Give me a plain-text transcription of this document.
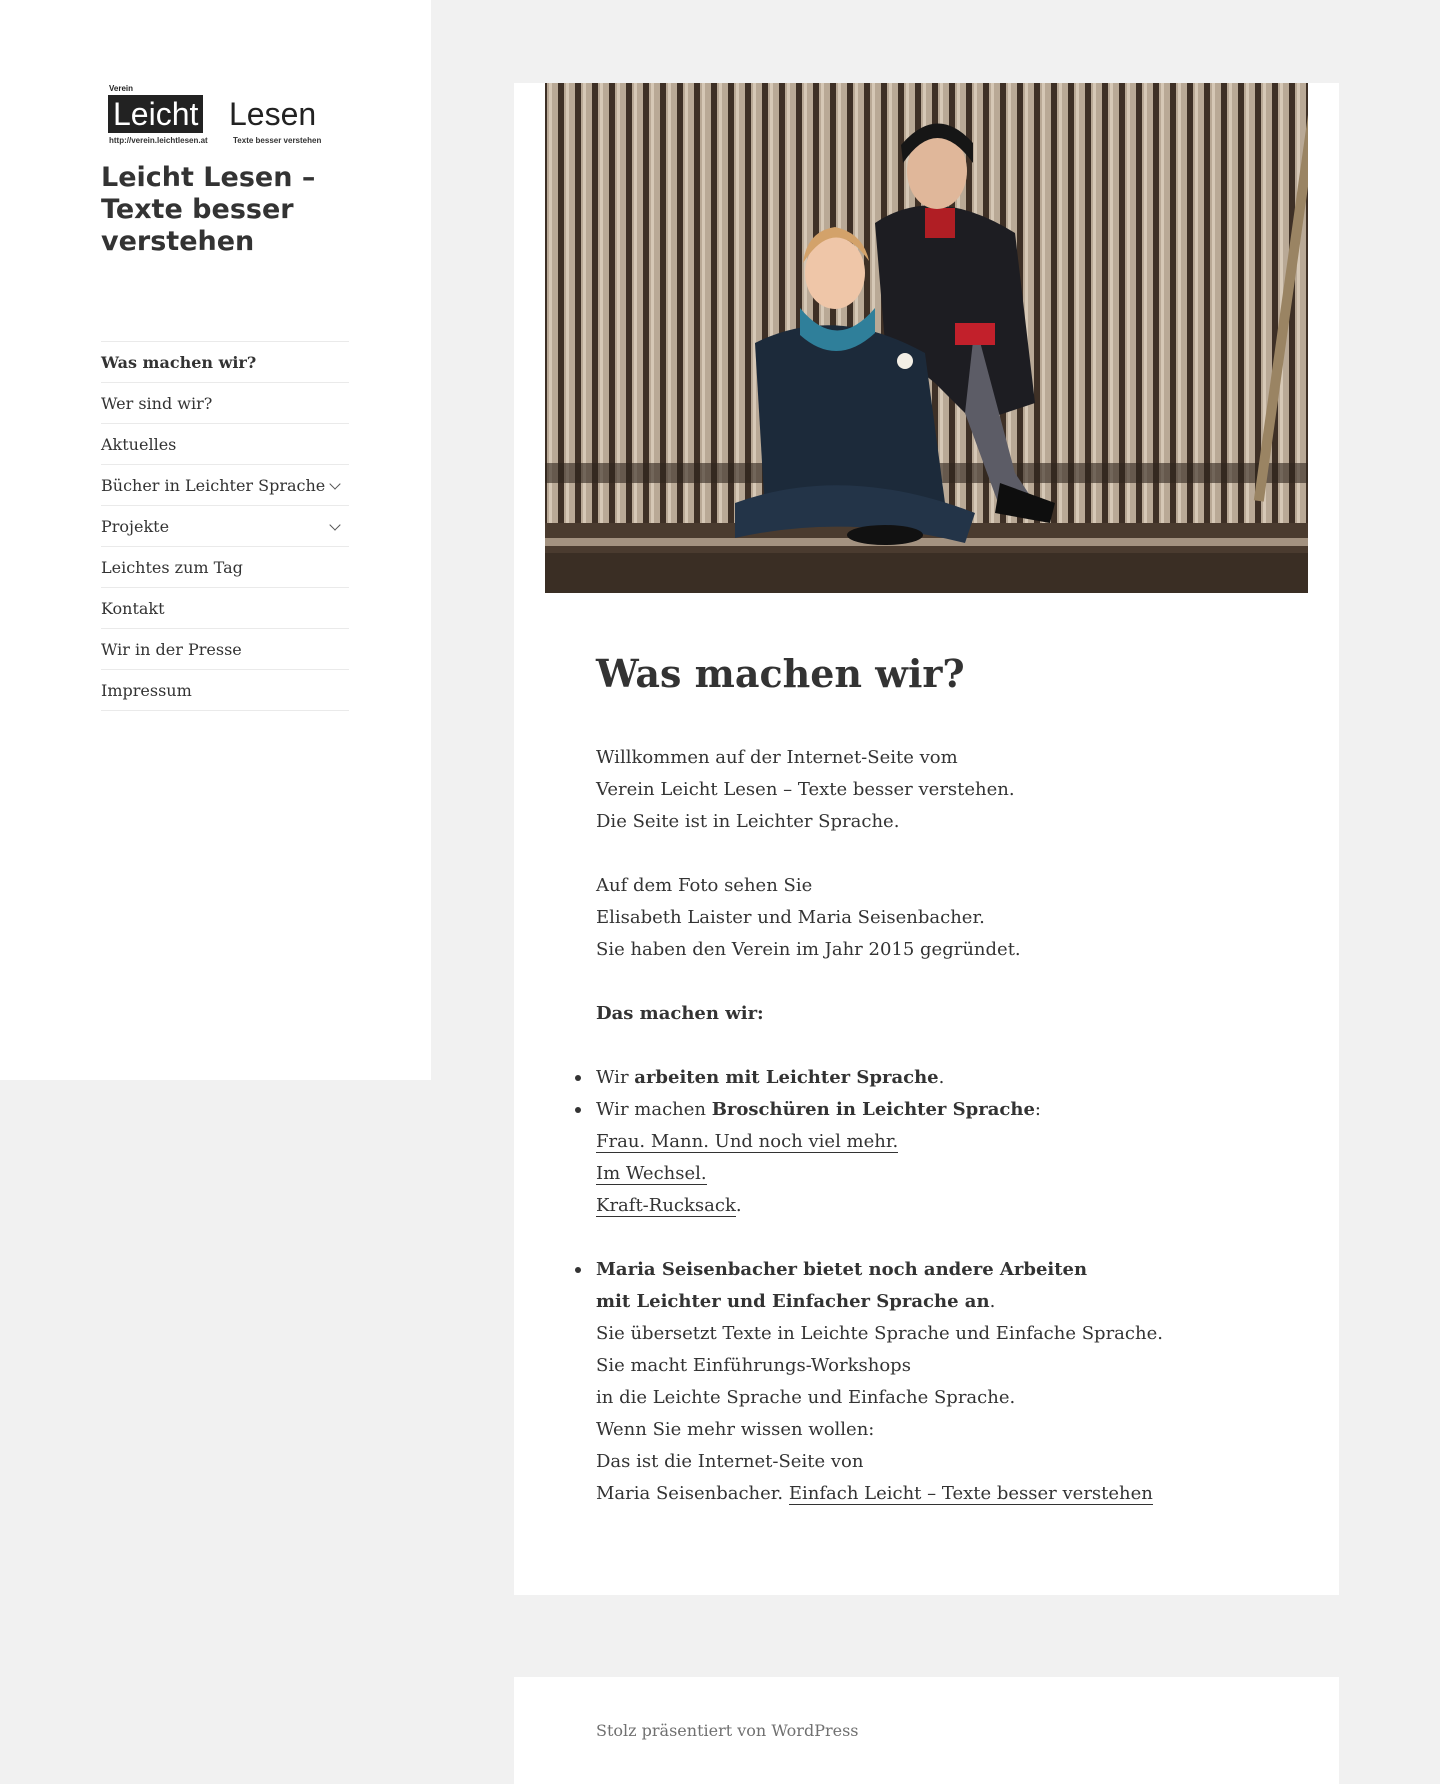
Verein
Leicht Lesen
http://verein.leichtlesen.at	Texte besser verstehen
Leicht Lesen – Texte besser verstehen
Was machen wir?
Wer sind wir?
Aktuelles
Bücher in Leichter Sprache
Projekte
Leichtes zum Tag
Kontakt
Wir in der Presse
Impressum	Was machen wir?

Willkommen auf der Internet-Seite vom
Verein Leicht Lesen – Texte besser verstehen.
Die Seite ist in Leichter Sprache.

Auf dem Foto sehen Sie
Elisabeth Laister und Maria Seisenbacher.
Sie haben den Verein im Jahr 2015 gegründet.

Das machen wir:

Wir arbeiten mit Leichter Sprache.
Wir machen Broschüren in Leichter Sprache:
Frau. Mann. Und noch viel mehr.
Im Wechsel.
Kraft-Rucksack.
Maria Seisenbacher bietet noch andere Arbeiten
mit Leichter und Einfacher Sprache an.
Sie übersetzt Texte in Leichte Sprache und Einfache Sprache.
Sie macht Einführungs-Workshops
in die Leichte Sprache und Einfache Sprache.
Wenn Sie mehr wissen wollen:
Das ist die Internet-Seite von
Maria Seisenbacher. Einfach Leicht – Texte besser verstehen
Stolz präsentiert von WordPress
